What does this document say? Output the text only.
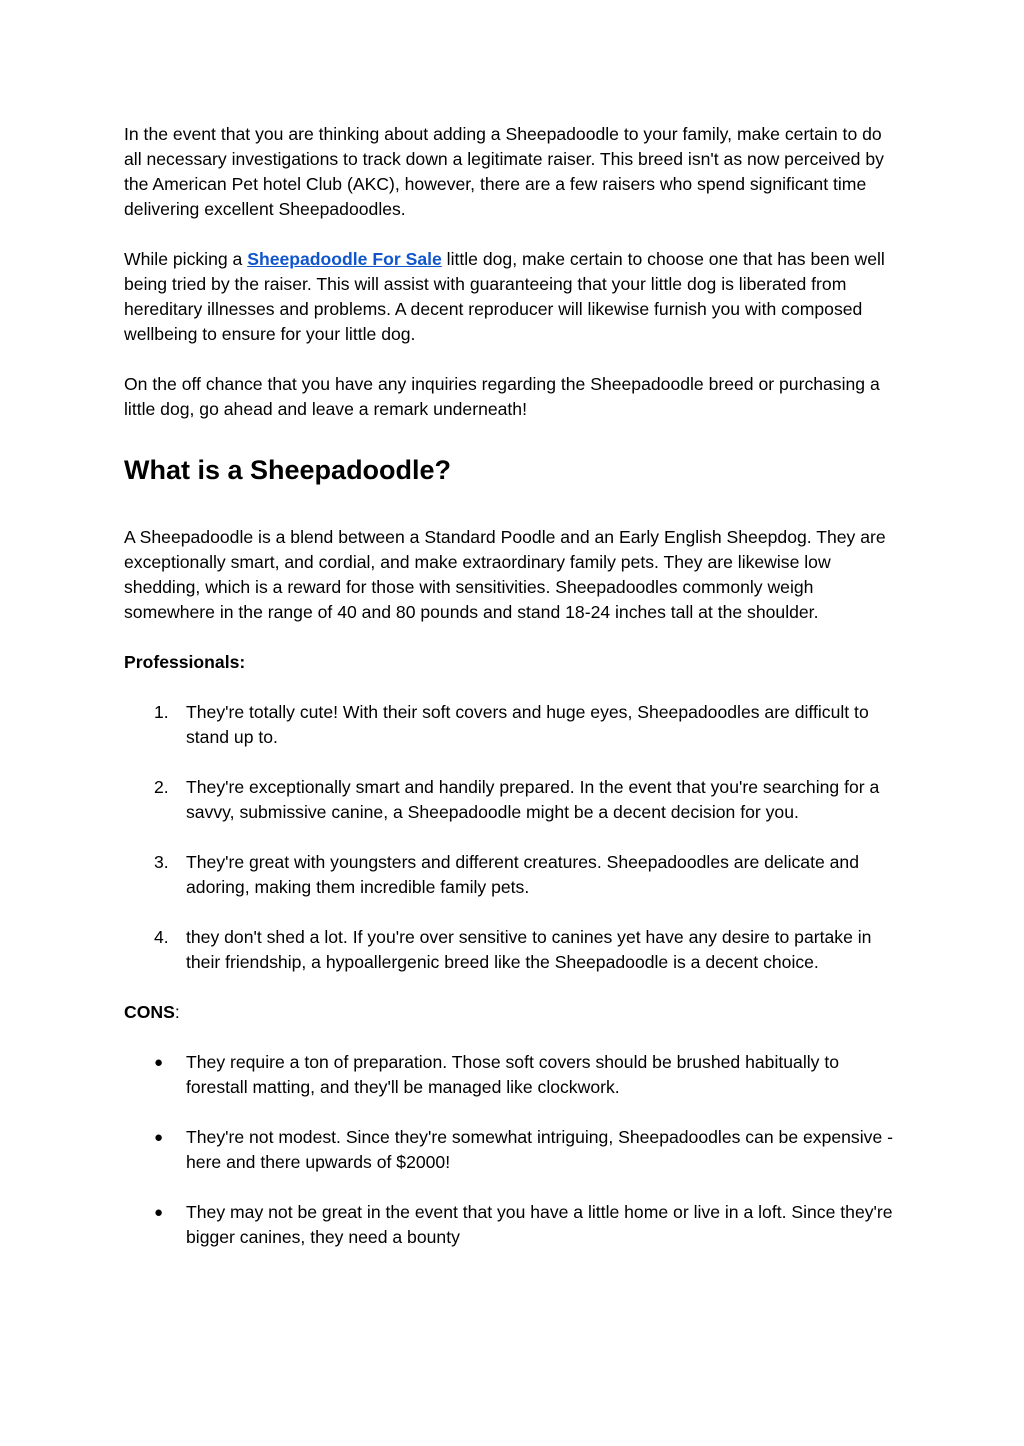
In the event that you are thinking about adding a Sheepadoodle to your family, make certain to do all necessary investigations to track down a legitimate raiser. This breed isn't as now perceived by the American Pet hotel Club (AKC), however, there are a few raisers who spend significant time delivering excellent Sheepadoodles.

While picking a Sheepadoodle For Sale little dog, make certain to choose one that has been well being tried by the raiser. This will assist with guaranteeing that your little dog is liberated from hereditary illnesses and problems. A decent reproducer will likewise furnish you with composed wellbeing to ensure for your little dog.

On the off chance that you have any inquiries regarding the Sheepadoodle breed or purchasing a little dog, go ahead and leave a remark underneath!

What is a Sheepadoodle?

A Sheepadoodle is a blend between a Standard Poodle and an Early English Sheepdog. They are exceptionally smart, and cordial, and make extraordinary family pets. They are likewise low shedding, which is a reward for those with sensitivities. Sheepadoodles commonly weigh somewhere in the range of 40 and 80 pounds and stand 18-24 inches tall at the shoulder.

Professionals:

1. They're totally cute! With their soft covers and huge eyes, Sheepadoodles are difficult to stand up to.
2. They're exceptionally smart and handily prepared. In the event that you're searching for a savvy, submissive canine, a Sheepadoodle might be a decent decision for you.
3. They're great with youngsters and different creatures. Sheepadoodles are delicate and adoring, making them incredible family pets.
4. they don't shed a lot. If you're over sensitive to canines yet have any desire to partake in their friendship, a hypoallergenic breed like the Sheepadoodle is a decent choice.

CONS:

●	They require a ton of preparation. Those soft covers should be brushed habitually to forestall matting, and they'll be managed like clockwork.
●	They're not modest. Since they're somewhat intriguing, Sheepadoodles can be expensive - here and there upwards of $2000!
●	They may not be great in the event that you have a little home or live in a loft. Since they're bigger canines, they need a bounty
